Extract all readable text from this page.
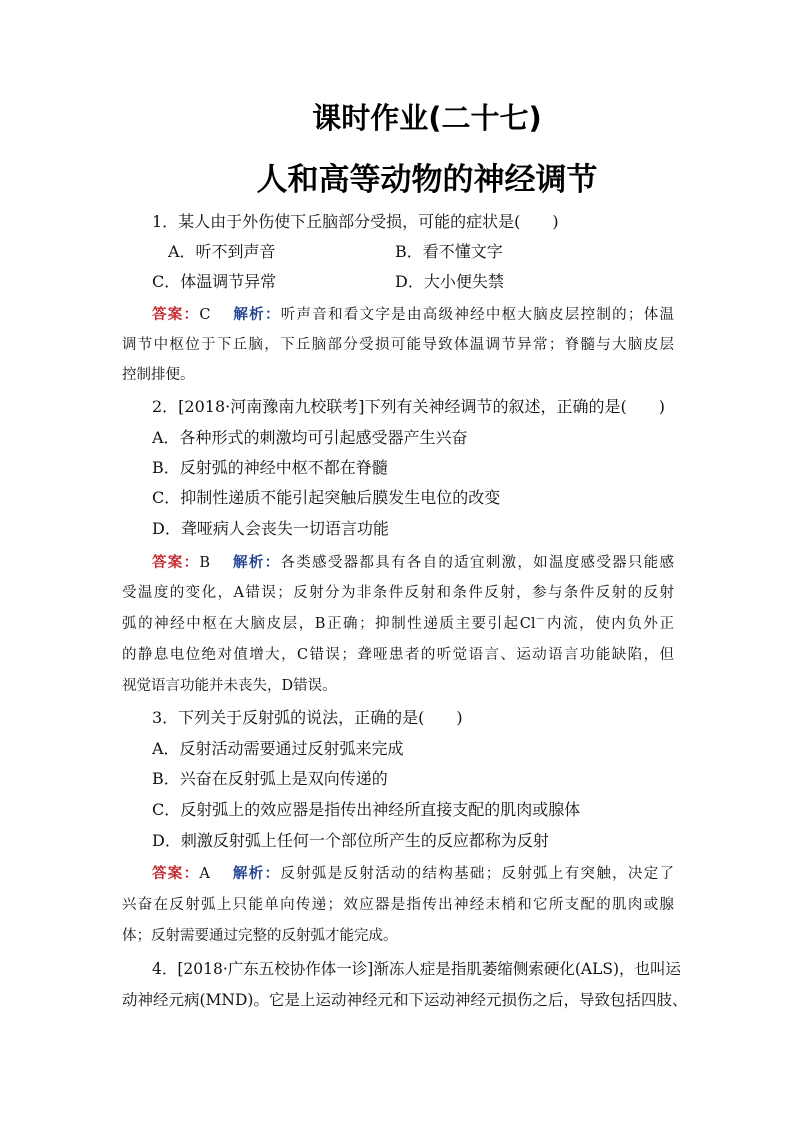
课时作业(二十七)
人和高等动物的神经调节
1．某人由于外伤使下丘脑部分受损，可能的症状是(　　)
A．听不到声音	B．看不懂文字
C．体温调节异常	D．大小便失禁
答案：C　 解析：听声音和看文字是由高级神经中枢大脑皮层控制的；体温
调节中枢位于下丘脑，下丘脑部分受损可能导致体温调节异常；脊髓与大脑皮层
控制排便。
2．[2018·河南豫南九校联考]下列有关神经调节的叙述，正确的是(　　)
A．各种形式的刺激均可引起感受器产生兴奋
B．反射弧的神经中枢不都在脊髓
C．抑制性递质不能引起突触后膜发生电位的改变
D．聋哑病人会丧失一切语言功能
答案：B　 解析：各类感受器都具有各自的适宜刺激，如温度感受器只能感
受温度的变化，A错误；反射分为非条件反射和条件反射，参与条件反射的反射
弧的神经中枢在大脑皮层，B正确；抑制性递质主要引起Cl－内流，使内负外正
的静息电位绝对值增大，C错误；聋哑患者的听觉语言、运动语言功能缺陷，但
视觉语言功能并未丧失，D错误。
3．下列关于反射弧的说法，正确的是(　　)
A．反射活动需要通过反射弧来完成
B．兴奋在反射弧上是双向传递的
C．反射弧上的效应器是指传出神经所直接支配的肌肉或腺体
D．刺激反射弧上任何一个部位所产生的反应都称为反射
答案：A　 解析：反射弧是反射活动的结构基础；反射弧上有突触，决定了
兴奋在反射弧上只能单向传递；效应器是指传出神经末梢和它所支配的肌肉或腺
体；反射需要通过完整的反射弧才能完成。
4．[2018·广东五校协作体一诊]渐冻人症是指肌萎缩侧索硬化(ALS)，也叫运
动神经元病(MND)。它是上运动神经元和下运动神经元损伤之后，导致包括四肢、
